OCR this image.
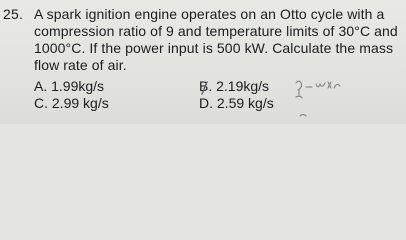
25. A spark ignition engine operates on an Otto cycle with a
compression ratio of 9 and temperature limits of 30°C and
1000°C. If the power input is 500 kW. Calculate the mass
flow rate of air.
A. 1.99kg/s	B. 2.19kg/s
C. 2.99 kg/s	D. 2.59 kg/s
